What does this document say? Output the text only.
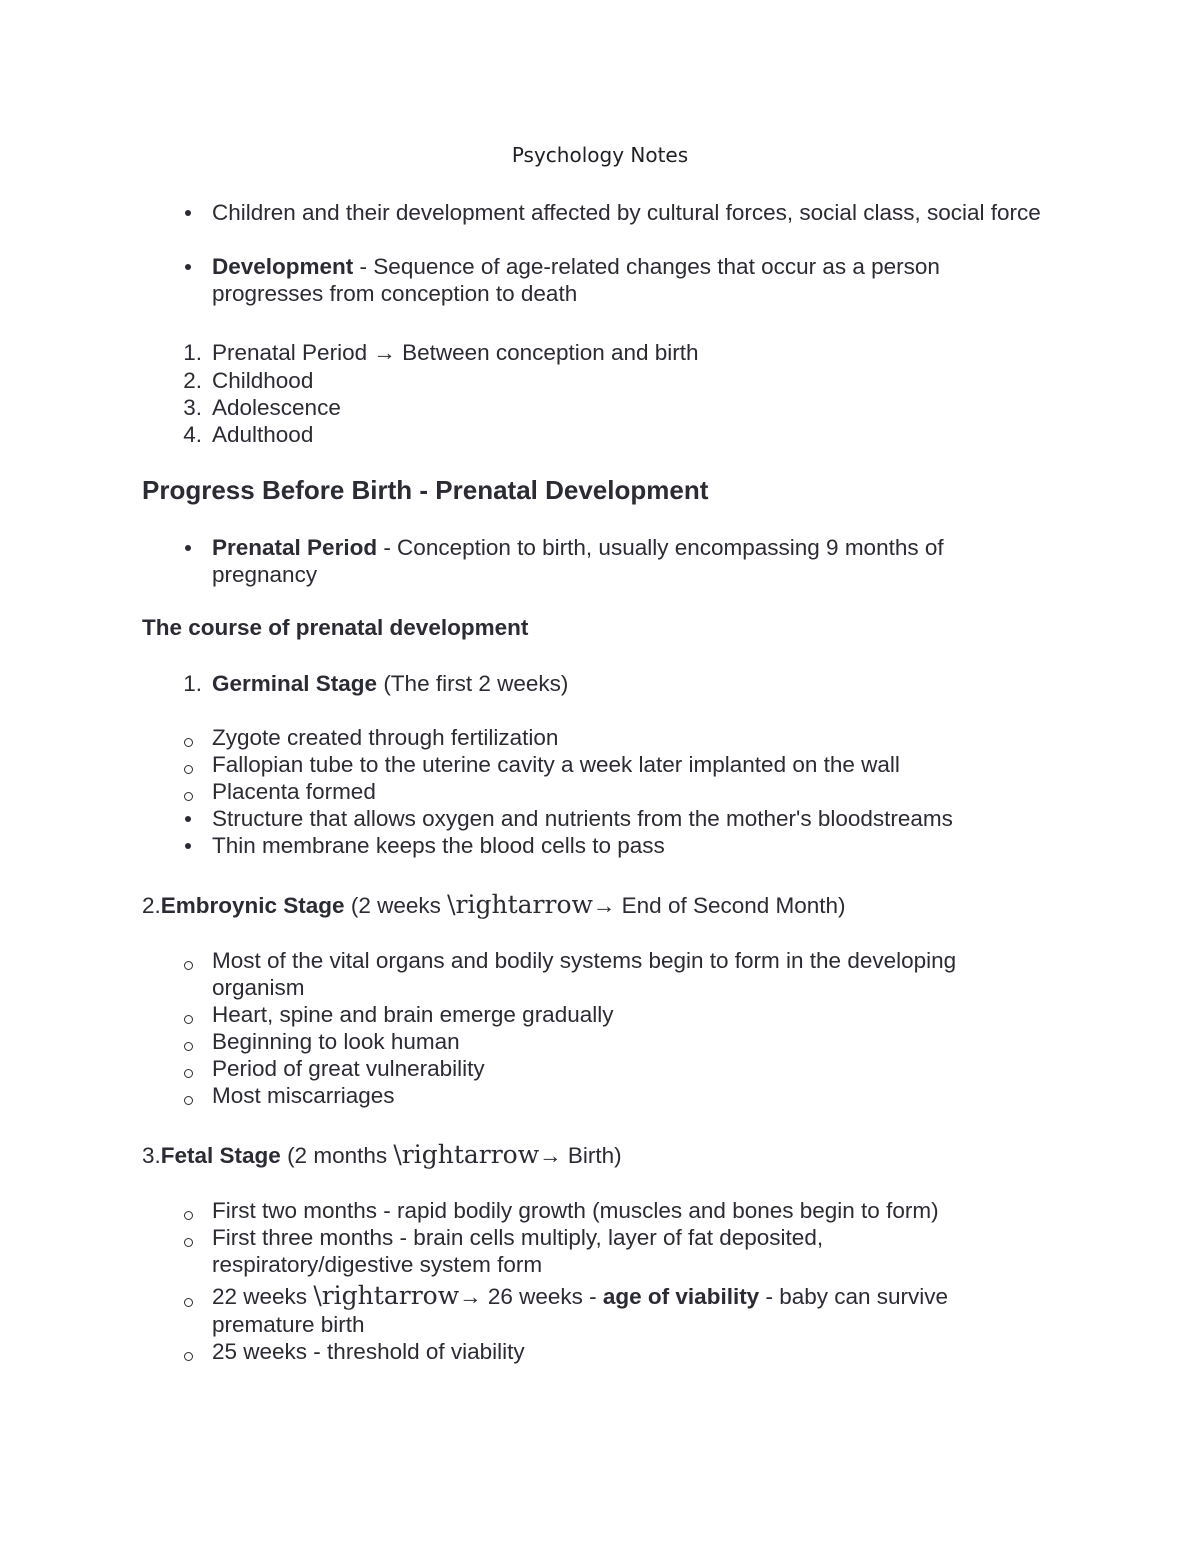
Psychology Notes
Children and their development affected by cultural forces, social class, social force
Development - Sequence of age-related changes that occur as a person progresses from conception to death
1. Prenatal Period → Between conception and birth
2. Childhood
3. Adolescence
4. Adulthood
Progress Before Birth - Prenatal Development
Prenatal Period - Conception to birth, usually encompassing 9 months of pregnancy
The course of prenatal development
1. Germinal Stage (The first 2 weeks)
Zygote created through fertilization
Fallopian tube to the uterine cavity a week later implanted on the wall
Placenta formed
Structure that allows oxygen and nutrients from the mother's bloodstreams
Thin membrane keeps the blood cells to pass
2.Embroynic Stage (2 weeks \rightarrow→ End of Second Month)
Most of the vital organs and bodily systems begin to form in the developing organism
Heart, spine and brain emerge gradually
Beginning to look human
Period of great vulnerability
Most miscarriages
3.Fetal Stage (2 months \rightarrow→ Birth)
First two months - rapid bodily growth (muscles and bones begin to form)
First three months - brain cells multiply, layer of fat deposited, respiratory/digestive system form
22 weeks \rightarrow→ 26 weeks - age of viability - baby can survive premature birth
25 weeks - threshold of viability
